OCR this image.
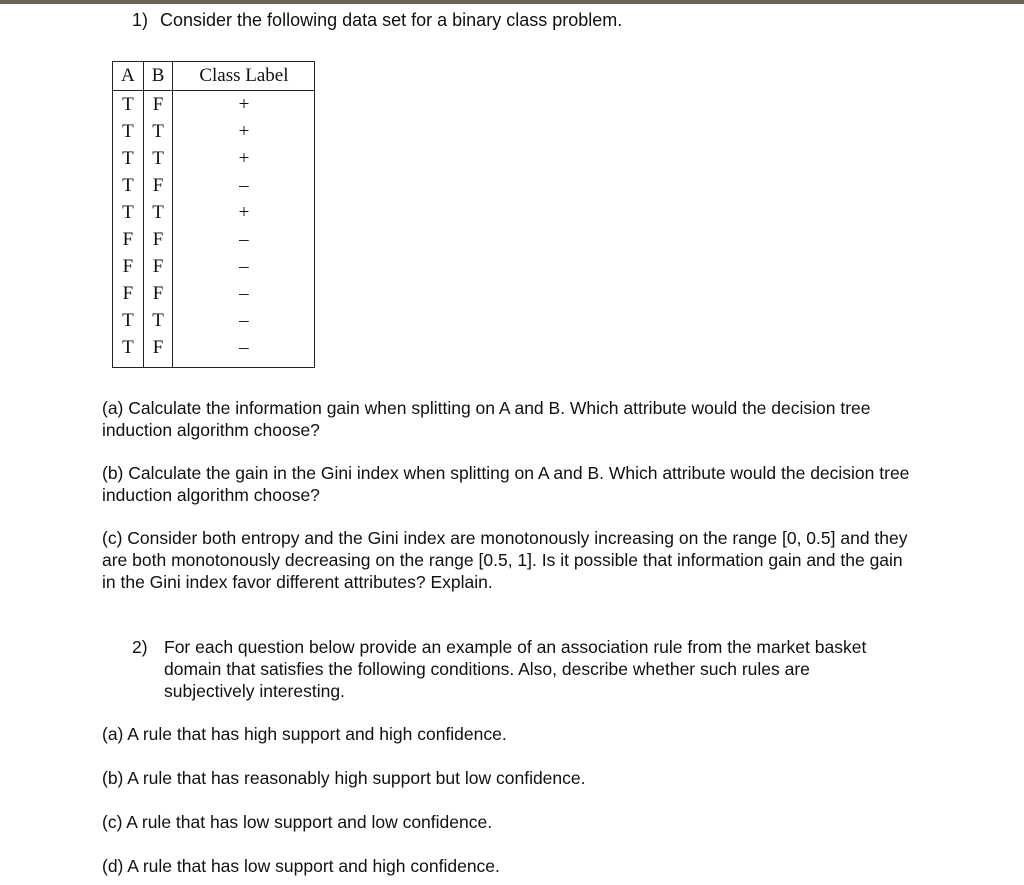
1) Consider the following data set for a binary class problem.
A	B	Class Label
T	F	+
T	T	+
T	T	+
T	F	–
T	T	+
F	F	–
F	F	–
F	F	–
T	T	–
T	F	–
(a) Calculate the information gain when splitting on A and B. Which attribute would the decision tree induction algorithm choose?
(b) Calculate the gain in the Gini index when splitting on A and B. Which attribute would the decision tree induction algorithm choose?
(c) Consider both entropy and the Gini index are monotonously increasing on the range [0, 0.5] and they are both monotonously decreasing on the range [0.5, 1]. Is it possible that information gain and the gain in the Gini index favor different attributes? Explain.
2) For each question below provide an example of an association rule from the market basket domain that satisfies the following conditions. Also, describe whether such rules are subjectively interesting.
(a) A rule that has high support and high confidence.
(b) A rule that has reasonably high support but low confidence.
(c) A rule that has low support and low confidence.
(d) A rule that has low support and high confidence.
